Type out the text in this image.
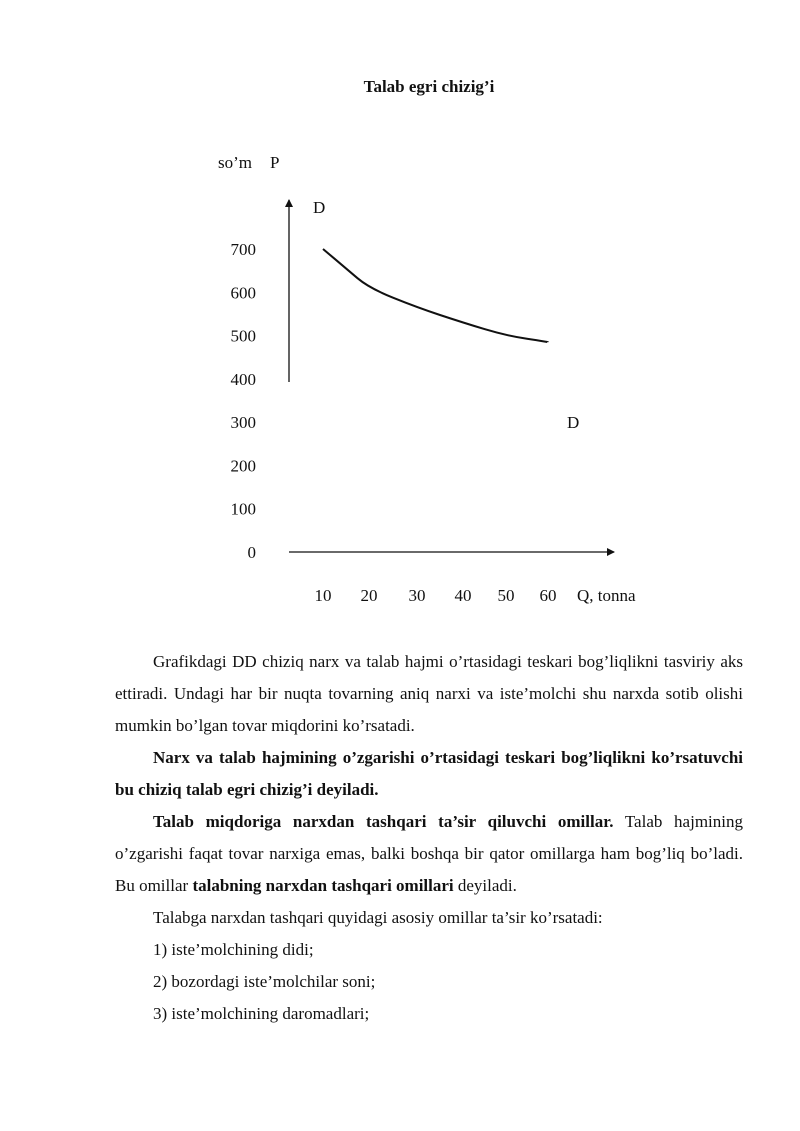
Talab egri chizig’i
so’m P
700
600
500
400
300
200
100
0
10 20 30 40 50 60 Q, tonna
D
D

Grafikdagi DD chiziq narx va talab hajmi o’rtasidagi teskari bog’liqlikni tasviriy aks ettiradi. Undagi har bir nuqta tovarning aniq narxi va iste’molchi shu narxda sotib olishi mumkin bo’lgan tovar miqdorini ko’rsatadi.

Narx va talab hajmining o’zgarishi o’rtasidagi teskari bog’liqlikni ko’rsatuvchi bu chiziq talab egri chizig’i deyiladi.

Talab miqdoriga narxdan tashqari ta’sir qiluvchi omillar. Talab hajmining o’zgarishi faqat tovar narxiga emas, balki boshqa bir qator omillarga ham bog’liq bo’ladi. Bu omillar talabning narxdan tashqari omillari deyiladi.

Talabga narxdan tashqari quyidagi asosiy omillar ta’sir ko’rsatadi:

1) iste’molchining didi;

2) bozordagi iste’molchilar soni;

3) iste’molchining daromadlari;
